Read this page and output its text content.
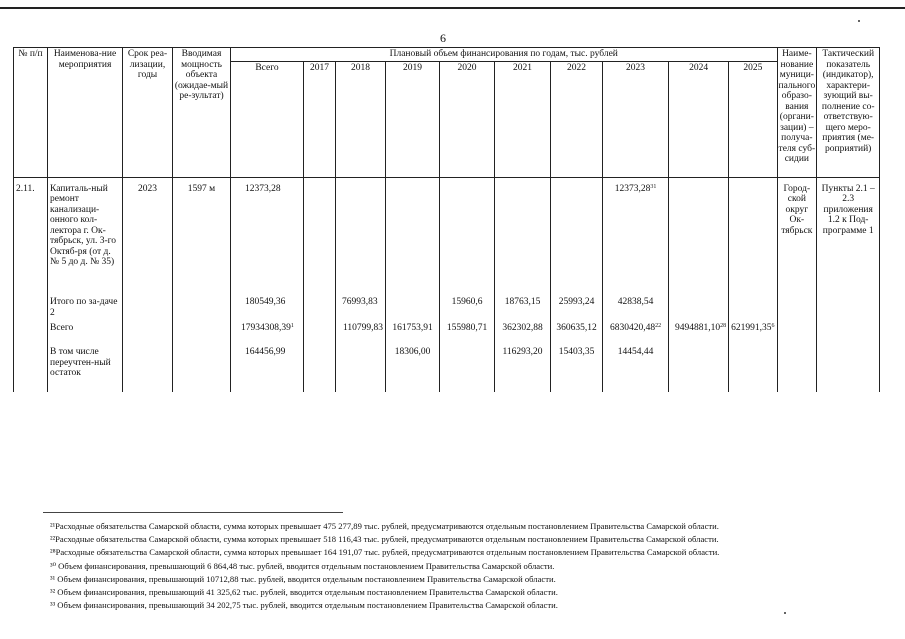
6
№ п/п	Наименова-ние мероприятия	Срок реа-лизации, годы	Вводимая мощность объекта (ожидае-мый ре-зультат)	Плановый объем финансирования по годам, тыс. рублей										Наиме-нование муници-пального образо-вания (органи-зации) – получа-теля суб-сидии	Тактический показатель (индикатор), характери-зующий вы-полнение со-ответствую-щего меро-приятия (ме-роприятий)
				Всего	2017	2018	2019	2020	2021	2022	2023	2024	2025		
2.11.	Капиталь-ный ремонт канализаци-онного кол-лектора г. Ок-тябрьск, ул. 3-го Октяб-ря (от д. № 5 до д. № 35)	2023	1597 м	12373,28							12373,28$^{31}$			Город-ской округ Ок-тябрьск	Пункты 2.1 – 2.3 приложения 1.2 к Под-программе 1
	Итого по за-даче 2			180549,36		76993,83		15960,6	18763,15	25993,24	42838,54				
	Всего			17934308,39$^1$		110799,83	161753,91	155980,71	362302,88	360635,12	6830420,48$^{22}$	9494881,10$^{28}$	621991,35$^6$		
	В том числе переучтен-ный остаток			164456,99			18306,00		116293,20	15403,35	14454,44				
²¹Расходные обязательства Самарской области, сумма которых превышает 475 277,89 тыс. рублей, предусматриваются отдельным постановлением Правительства Самарской области.
²²Расходные обязательства Самарской области, сумма которых превышает 518 116,43 тыс. рублей, предусматриваются отдельным постановлением Правительства Самарской области.
²⁸Расходные обязательства Самарской области, сумма которых превышает 164 191,07 тыс. рублей, предусматриваются отдельным постановлением Правительства Самарской области.
³⁰ Объем финансирования, превышающий 6 864,48 тыс. рублей, вводится отдельным постановлением Правительства Самарской области.
³¹ Объем финансирования, превышающий 10712,88 тыс. рублей, вводится отдельным постановлением Правительства Самарской области.
³² Объем финансирования, превышающий 41 325,62 тыс. рублей, вводится отдельным постановлением Правительства Самарской области.
³³ Объем финансирования, превышающий 34 202,75 тыс. рублей, вводится отдельным постановлением Правительства Самарской области.
